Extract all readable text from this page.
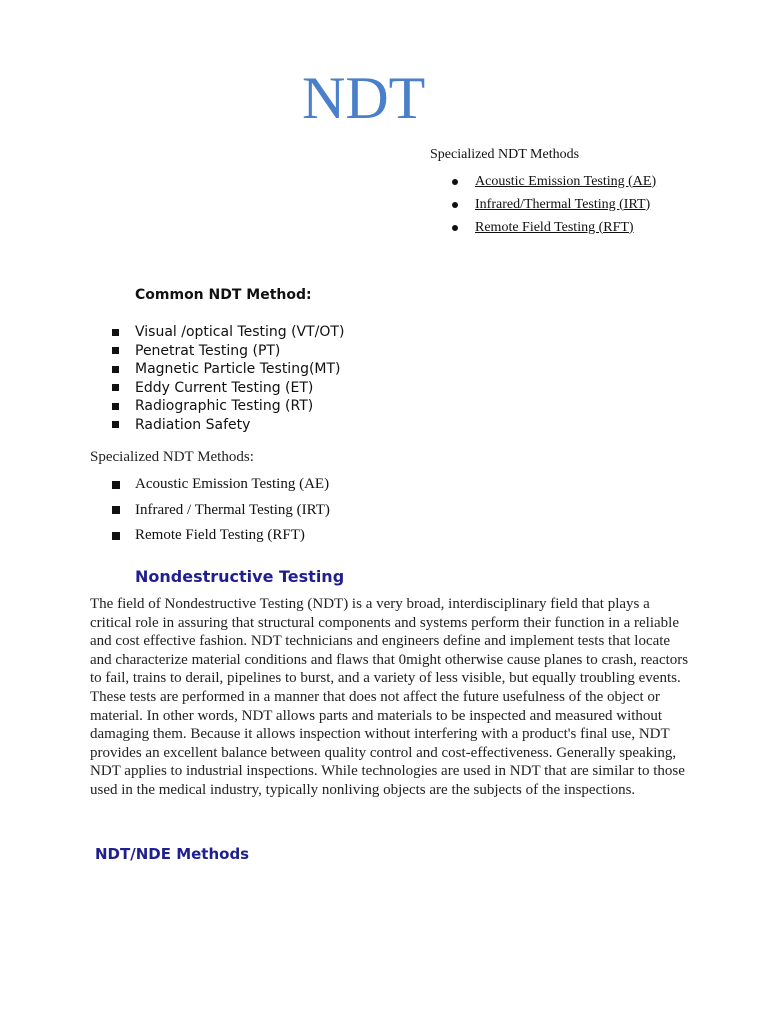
NDT
Specialized NDT Methods
Acoustic Emission Testing (AE)
Infrared/Thermal Testing (IRT)
Remote Field Testing (RFT)
Common NDT Method:
Visual /optical Testing (VT/OT)
Penetrat Testing (PT)
Magnetic Particle Testing(MT)
Eddy Current Testing (ET)
Radiographic Testing (RT)
Radiation Safety
Specialized NDT Methods:
Acoustic Emission Testing (AE)
Infrared / Thermal Testing (IRT)
Remote Field Testing (RFT)
Nondestructive Testing

The field of Nondestructive Testing (NDT) is a very broad, interdisciplinary field that plays a critical role in assuring that structural components and systems perform their function in a reliable and cost effective fashion. NDT technicians and engineers define and implement tests that locate and characterize material conditions and flaws that 0might otherwise cause planes to crash, reactors to fail, trains to derail, pipelines to burst, and a variety of less visible, but equally troubling events. These tests are performed in a manner that does not affect the future usefulness of the object or material. In other words, NDT allows parts and materials to be inspected and measured without damaging them. Because it allows inspection without interfering with a product's final use, NDT provides an excellent balance between quality control and cost-effectiveness. Generally speaking, NDT applies to industrial inspections. While technologies are used in NDT that are similar to those used in the medical industry, typically nonliving objects are the subjects of the inspections.

NDT/NDE Methods
